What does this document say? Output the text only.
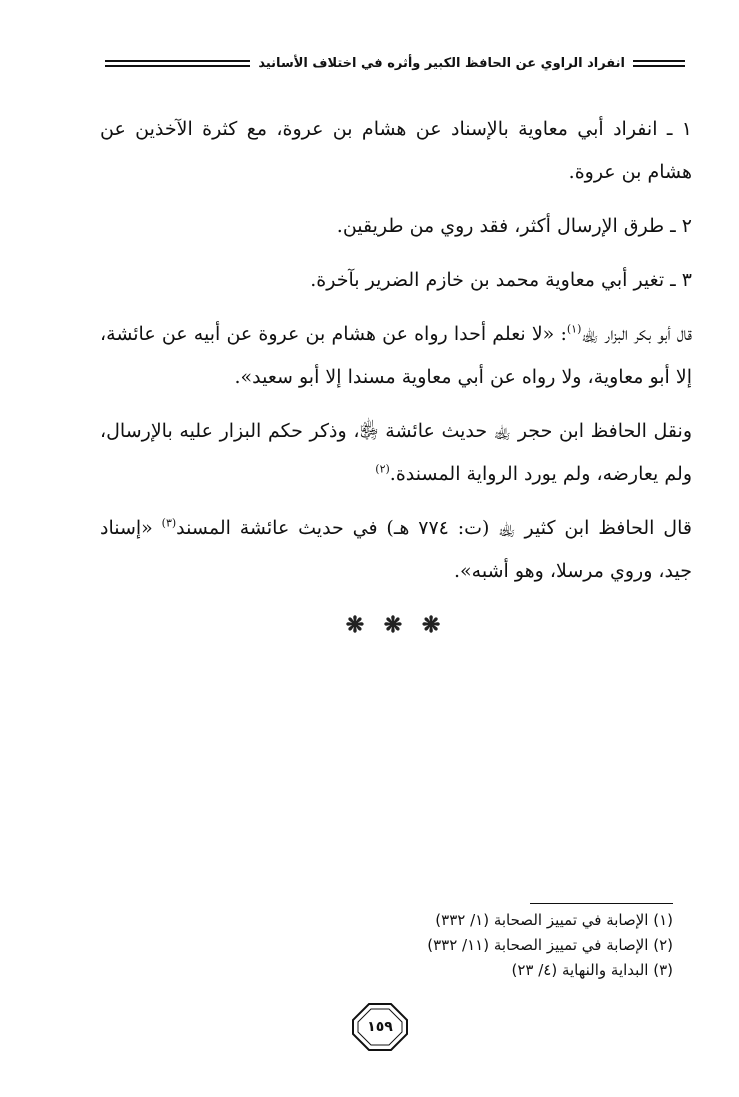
انفراد الراوي عن الحافظ الكبير وأثره في اختلاف الأسانيد

١ ـ انفراد أبي معاوية بالإسناد عن هشام بن عروة، مع كثرة الآخذين عن هشام بن عروة.

٢ ـ طرق الإرسال أكثر، فقد روي من طريقين.

٣ ـ تغير أبي معاوية محمد بن خازم الضرير بآخرة.

قال أبو بكر البزار ﵀$^{(١)}$: «لا نعلم أحدا رواه عن هشام بن عروة عن أبيه عن عائشة، إلا أبو معاوية، ولا رواه عن أبي معاوية مسندا إلا أبو سعيد».

ونقل الحافظ ابن حجر ﵀ حديث عائشة ﵂، وذكر حكم البزار عليه بالإرسال، ولم يعارضه، ولم يورد الرواية المسندة.$^{(٢)}$

قال الحافظ ابن كثير ﵀ (ت: ٧٧٤ هـ) في حديث عائشة المسند$^{(٣)}$ «إسناد جيد، وروي مرسلا، وهو أشبه».

❋ ❋ ❋
(١) الإصابة في تمييز الصحابة (١/ ٣٣٢)
(٢) الإصابة في تمييز الصحابة (١١/ ٣٣٢)
(٣) البداية والنهاية (٤/ ٢٣)
١٥٩
